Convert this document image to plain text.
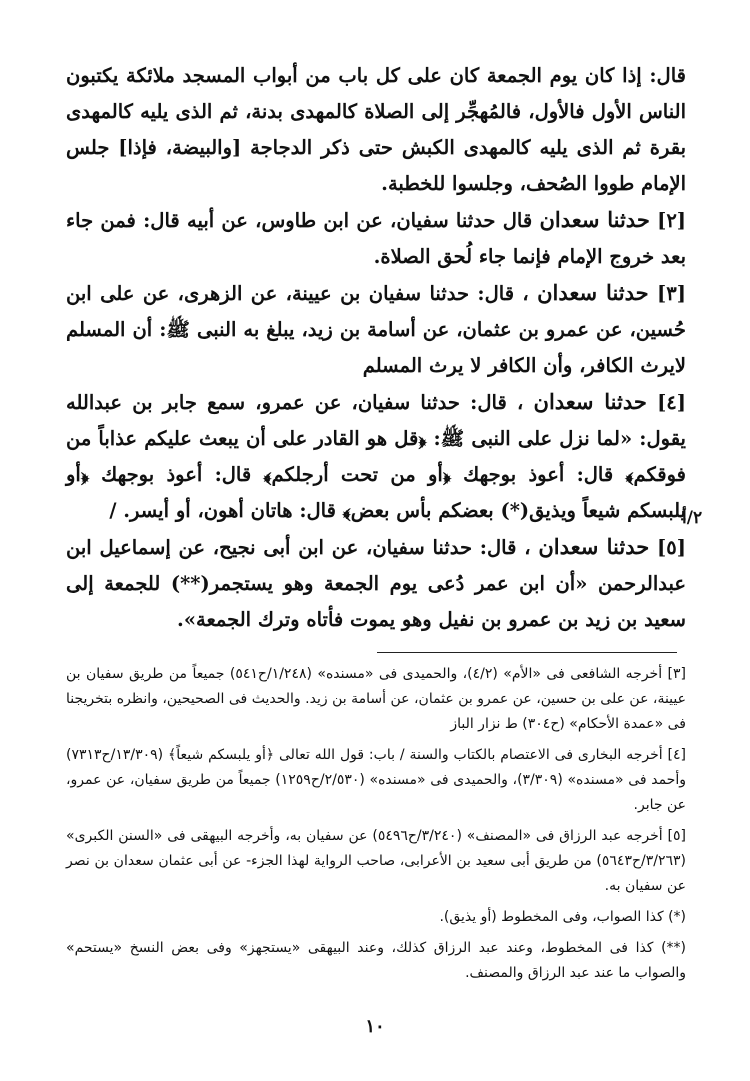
قال: إذا كان يوم الجمعة كان على كل باب من أبواب المسجد ملائكة يكتبون الناس الأول فالأول، فالمُهجِّر إلى الصلاة كالمهدى بدنة، ثم الذى يليه كالمهدى بقرة ثم الذى يليه كالمهدى الكبش حتى ذكر الدجاجة [والبيضة، فإذا] جلس الإمام طووا الصُحف، وجلسوا للخطبة.

[٢] حدثنا سعدان قال حدثنا سفيان، عن ابن طاوس، عن أبيه قال: فمن جاء بعد خروج الإمام فإنما جاء لُحق الصلاة.

[٣] حدثنا سعدان ، قال: حدثنا سفيان بن عيينة، عن الزهرى، عن على ابن حُسين، عن عمرو بن عثمان، عن أسامة بن زيد، يبلغ به النبى ﷺ: أن المسلم لايرث الكافر، وأن الكافر لا يرث المسلم

[٤] حدثنا سعدان ، قال: حدثنا سفيان، عن عمرو، سمع جابر بن عبدالله يقول: «لما نزل على النبى ﷺ: ﴿قل هو القادر على أن يبعث عليكم عذاباً من فوقكم﴾ قال: أعوذ بوجهك ﴿أو من تحت أرجلكم﴾ قال: أعوذ بوجهك ﴿أو يلبسكم شيعاً ويذيق(*) بعضكم بأس بعض﴾ قال: هاتان أهون، أو أيسر. /

[٥] حدثنا سعدان ، قال: حدثنا سفيان، عن ابن أبى نجيح، عن إسماعيل ابن عبدالرحمن «أن ابن عمر دُعى يوم الجمعة وهو يستجمر(**) للجمعة إلى سعيد بن زيد بن عمرو بن نفيل وهو يموت فأتاه وترك الجمعة».

٢/أ

[٣] أخرجه الشافعى فى «الأم» (٤/٢)، والحميدى فى «مسنده» (١/٢٤٨/ح٥٤١) جميعاً من طريق سفيان بن عيينة، عن على بن حسين، عن عمرو بن عثمان، عن أسامة بن زيد. والحديث فى الصحيحين، وانظره بتخريجنا فى «عمدة الأحكام» (ح٣٠٤) ط نزار الباز

[٤] أخرجه البخارى فى الاعتصام بالكتاب والسنة / باب: قول الله تعالى ﴿أو يلبسكم شيعاً﴾ (١٣/٣٠٩/ح٧٣١٣) وأحمد فى «مسنده» (٣/٣٠٩)، والحميدى فى «مسنده» (٢/٥٣٠/ح١٢٥٩) جميعاً من طريق سفيان، عن عمرو، عن جابر.

[٥] أخرجه عبد الرزاق فى «المصنف» (٣/٢٤٠/ح٥٤٩٦) عن سفيان به، وأخرجه البيهقى فى «السنن الكبرى» (٣/٢٦٣/ح٥٦٤٣) من طريق أبى سعيد بن الأعرابى، صاحب الرواية لهذا الجزء- عن أبى عثمان سعدان بن نصر عن سفيان به.

(*) كذا الصواب، وفى المخطوط (أو يذيق).

(**) كذا فى المخطوط، وعند عبد الرزاق كذلك، وعند البيهقى «يستجهز» وفى بعض النسخ «يستحم» والصواب ما عند عبد الرزاق والمصنف.

١٠
